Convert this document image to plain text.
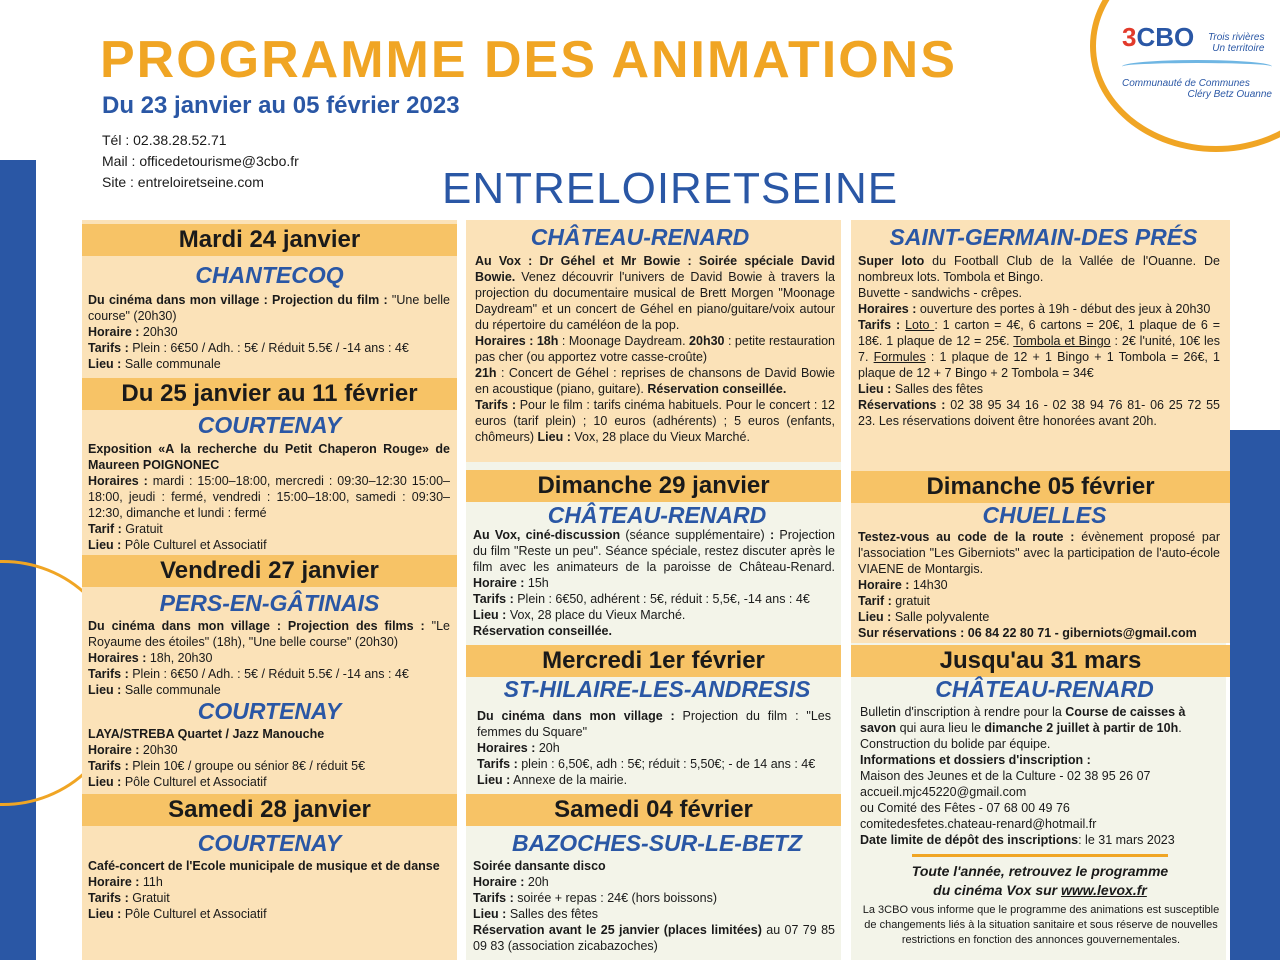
3CBO Trois rivières
Un territoire
Communauté de Communes
Cléry Betz Ouanne
PROGRAMME DES ANIMATIONS
Du 23 janvier au 05 février 2023
Tél : 02.38.28.52.71
Mail : officedetourisme@3cbo.fr
Site : entreloiretseine.com	ENTRELOIRETSEINE
Mardi 24 janvier
CHANTECOQ
Du cinéma dans mon village : Projection du film : "Une belle course" (20h30)
Horaire : 20h30
Tarifs : Plein : 6€50 / Adh. : 5€ / Réduit 5.5€ / -14 ans : 4€
Lieu : Salle communale
Du 25 janvier au 11 février
COURTENAY
Exposition «A la recherche du Petit Chaperon Rouge» de Maureen POIGNONEC
Horaires : mardi : 15:00–18:00, mercredi : 09:30–12:30 15:00–18:00, jeudi : fermé, vendredi : 15:00–18:00, samedi : 09:30–12:30, dimanche et lundi : fermé
Tarif : Gratuit
Lieu : Pôle Culturel et Associatif
Vendredi 27 janvier
PERS-EN-GÂTINAIS
Du cinéma dans mon village : Projection des films : "Le Royaume des étoiles" (18h), "Une belle course" (20h30)
Horaires : 18h, 20h30
Tarifs : Plein : 6€50 / Adh. : 5€ / Réduit 5.5€ / -14 ans : 4€
Lieu : Salle communale
COURTENAY
LAYA/STREBA Quartet / Jazz Manouche
Horaire : 20h30
Tarifs : Plein 10€ / groupe ou sénior 8€ / réduit 5€
Lieu : Pôle Culturel et Associatif
Samedi 28 janvier
COURTENAY
Café-concert de l'Ecole municipale de musique et de danse
Horaire : 11h
Tarifs : Gratuit
Lieu : Pôle Culturel et Associatif
CHÂTEAU-RENARD
Au Vox : Dr Géhel et Mr Bowie : Soirée spéciale David Bowie. Venez découvrir l'univers de David Bowie à travers la projection du documentaire musical de Brett Morgen "Moonage Daydream" et un concert de Géhel en piano/guitare/voix autour du répertoire du caméléon de la pop.
Horaires : 18h : Moonage Daydream. 20h30 : petite restauration pas cher (ou apportez votre casse-croûte)
21h : Concert de Géhel : reprises de chansons de David Bowie en acoustique (piano, guitare). Réservation conseillée.
Tarifs : Pour le film : tarifs cinéma habituels. Pour le concert : 12 euros (tarif plein) ; 10 euros (adhérents) ; 5 euros (enfants, chômeurs) Lieu : Vox, 28 place du Vieux Marché.
Dimanche 29 janvier
CHÂTEAU-RENARD
Au Vox, ciné-discussion (séance supplémentaire) : Projection du film "Reste un peu". Séance spéciale, restez discuter après le film avec les animateurs de la paroisse de Château-Renard. Horaire : 15h
Tarifs : Plein : 6€50, adhérent : 5€, réduit : 5,5€, -14 ans : 4€
Lieu : Vox, 28 place du Vieux Marché.
Réservation conseillée.
Mercredi 1er février
ST-HILAIRE-LES-ANDRESIS
Du cinéma dans mon village : Projection du film : "Les femmes du Square"
Horaires : 20h
Tarifs : plein : 6,50€, adh : 5€; réduit : 5,50€; - de 14 ans : 4€
Lieu : Annexe de la mairie.
Samedi 04 février
BAZOCHES-SUR-LE-BETZ
Soirée dansante disco
Horaire : 20h
Tarifs : soirée + repas : 24€ (hors boissons)
Lieu : Salles des fêtes
Réservation avant le 25 janvier (places limitées) au 07 79 85 09 83 (association zicabazoches)
SAINT-GERMAIN-DES PRÉS
Super loto du Football Club de la Vallée de l'Ouanne. De nombreux lots. Tombola et Bingo.
Buvette - sandwichs - crêpes.
Horaires : ouverture des portes à 19h - début des jeux à 20h30
Tarifs : Loto : 1 carton = 4€, 6 cartons = 20€, 1 plaque de 6 = 18€. 1 plaque de 12 = 25€. Tombola et Bingo : 2€ l'unité, 10€ les 7. Formules : 1 plaque de 12 + 1 Bingo + 1 Tombola = 26€, 1 plaque de 12 + 7 Bingo + 2 Tombola = 34€
Lieu : Salles des fêtes
Réservations : 02 38 95 34 16 - 02 38 94 76 81- 06 25 72 55 23. Les réservations doivent être honorées avant 20h.
Dimanche 05 février
CHUELLES
Testez-vous au code de la route : évènement proposé par l'association "Les Giberniots" avec la participation de l'auto-école VIAENE de Montargis.
Horaire : 14h30
Tarif : gratuit
Lieu : Salle polyvalente
Sur réservations : 06 84 22 80 71 - giberniots@gmail.com
Jusqu'au 31 mars
CHÂTEAU-RENARD
Bulletin d'inscription à rendre pour la Course de caisses à savon qui aura lieu le dimanche 2 juillet à partir de 10h.
Construction du bolide par équipe.
Informations et dossiers d'inscription :
Maison des Jeunes et de la Culture - 02 38 95 26 07
accueil.mjc45220@gmail.com
ou Comité des Fêtes - 07 68 00 49 76 comitedesfetes.chateau-renard@hotmail.fr
Date limite de dépôt des inscriptions: le 31 mars 2023
Toute l'année, retrouvez le programme
du cinéma Vox sur www.levox.fr
La 3CBO vous informe que le programme des animations est susceptible de changements liés à la situation sanitaire et sous réserve de nouvelles restrictions en fonction des annonces gouvernementales.
